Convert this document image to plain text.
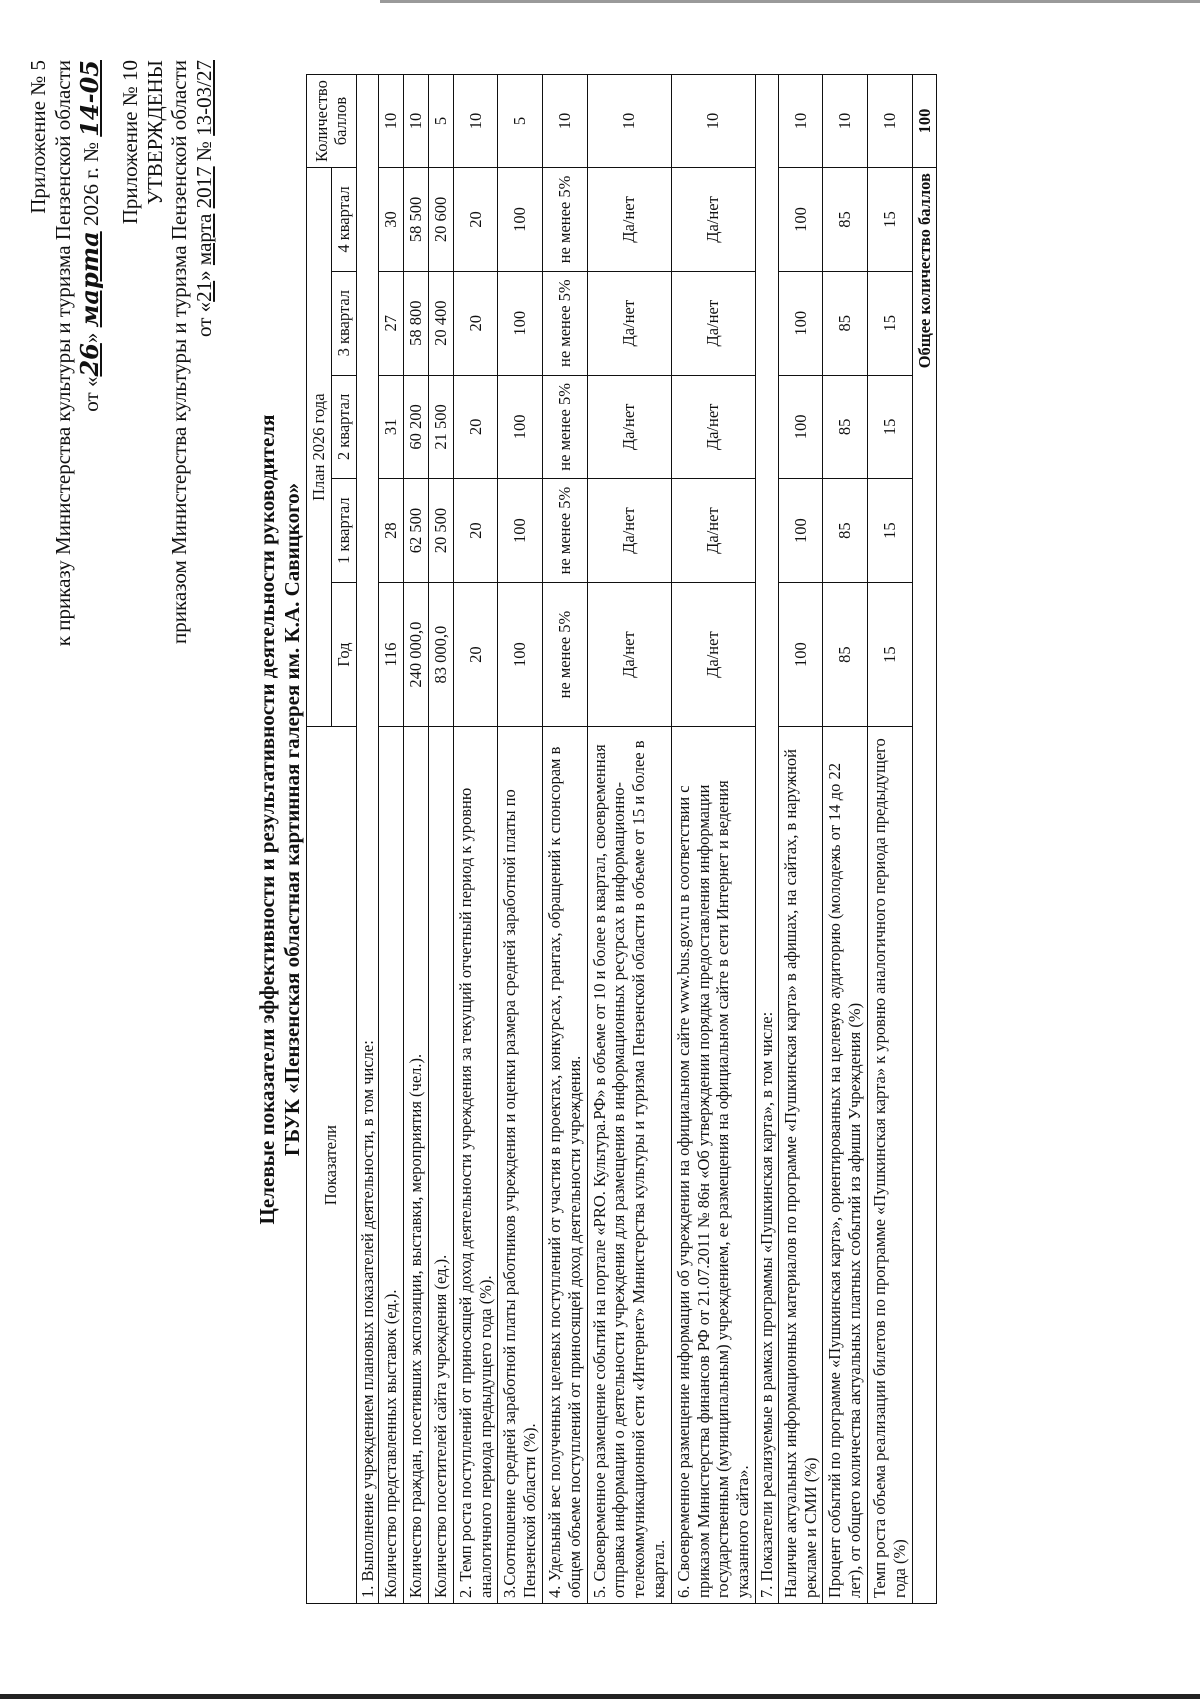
Приложение № 5 к приказу Министерства культуры и туризма Пензенской области от «26» марта 2026 г. № 14-05 Приложение № 10 УТВЕРЖДЕНЫ приказом Министерства культуры и туризма Пензенской области от «21» марта 2017 № 13-03/27
Целевые показатели эффективности и результативности деятельности руководителя ГБУК «Пензенская областная картинная галерея им. К.А. Савицкого»
Показатели	План 2026 года					Количество баллов
	Год	1 квартал	2 квартал	3 квартал	4 квартал	
1. Выполнение учреждением плановых показателей деятельности, в том числе:						
Количество представленных выставок (ед.).	116	28	31	27	30	10
Количество граждан, посетивших экспозиции, выставки, мероприятия (чел.).	240 000,0	62 500	60 200	58 800	58 500	10
Количество посетителей сайта учреждения (ед.).	83 000,0	20 500	21 500	20 400	20 600	5
2. Темп роста поступлений от приносящей доход деятельности учреждения за текущий отчетный период к уровню аналогичного периода предыдущего года (%).	20	20	20	20	20	10
3.Соотношение средней заработной платы работников учреждения и оценки размера средней заработной платы по Пензенской области (%).	100	100	100	100	100	5
4. Удельный вес полученных целевых поступлений от участия в проектах, конкурсах, грантах, обращений к спонсорам в общем объеме поступлений от приносящей доход деятельности учреждения.	не менее 5%	не менее 5%	не менее 5%	не менее 5%	не менее 5%	10
5. Своевременное размещение событий на портале «PRO. Культура.РФ» в объеме от 10 и более в квартал, своевременная отправка информации о деятельности учреждения для размещения в информационных ресурсах в информационно-телекоммуникационной сети «Интернет» Министерства культуры и туризма Пензенской области в объеме от 15 и более в квартал.	Да/нет	Да/нет	Да/нет	Да/нет	Да/нет	10
6. Своевременное размещение информации об учреждении на официальном сайте www.bus.gov.ru в соответствии с приказом Министерства финансов РФ от 21.07.2011 № 86н «Об утверждении порядка предоставления информации государственным (муниципальным) учреждением, ее размещения на официальном сайте в сети Интернет и ведения указанного сайта».	Да/нет	Да/нет	Да/нет	Да/нет	Да/нет	10
7. Показатели реализуемые в рамках программы «Пушкинская карта», в том числе:						
Наличие актуальных информационных материалов по программе «Пушкинская карта» в афишах, на сайтах, в наружной рекламе и СМИ (%)	100	100	100	100	100	10
Процент событий по программе «Пушкинская карта», ориентированных на целевую аудиторию (молодежь от 14 до 22 лет), от общего количества актуальных платных событий из афиши Учреждения (%)	85	85	85	85	85	10
Темп роста объема реализации билетов по программе «Пушкинская карта» к уровню аналогичного периода предыдущего года (%)	15	15	15	15	15	10
	Общее количество баллов					100
